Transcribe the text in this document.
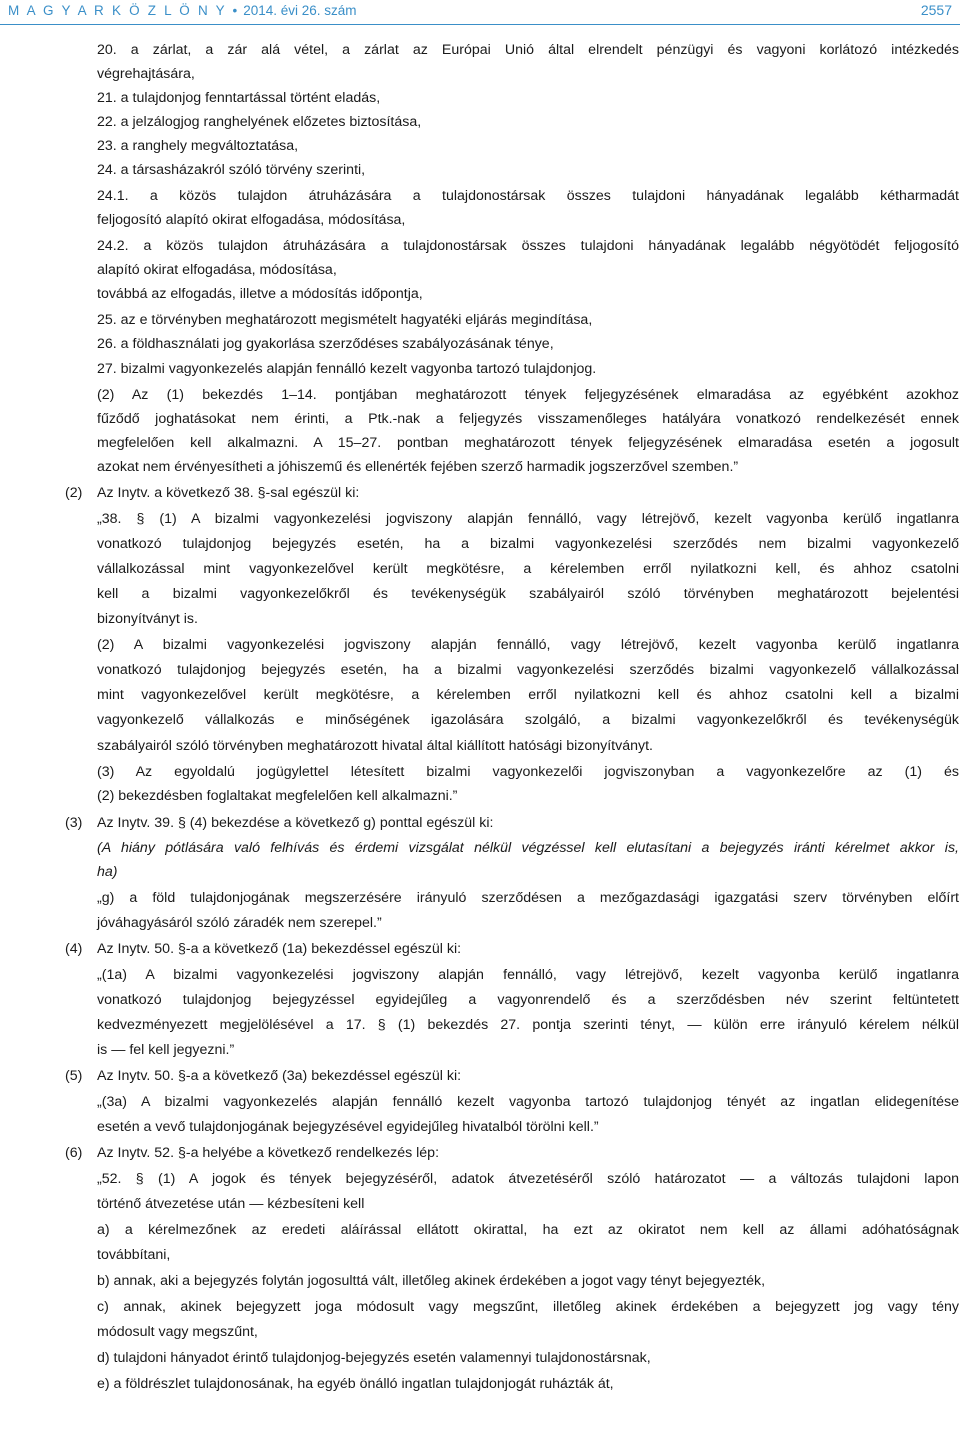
M A G Y A R K Ö Z L Ö N Y • 2014. évi 26. szám	2557
20. a zárlat, a zár alá vétel, a zárlat az Európai Unió által elrendelt pénzügyi és vagyoni korlátozó intézkedés
végrehajtására,
21. a tulajdonjog fenntartással történt eladás,
22. a jelzálogjog ranghelyének előzetes biztosítása,
23. a ranghely megváltoztatása,
24. a társasházakról szóló törvény szerinti,
24.1. a közös tulajdon átruházására a tulajdonostársak összes tulajdoni hányadának legalább kétharmadát
feljogosító alapító okirat elfogadása, módosítása,
24.2. a közös tulajdon átruházására a tulajdonostársak összes tulajdoni hányadának legalább négyötödét feljogosító
alapító okirat elfogadása, módosítása,
továbbá az elfogadás, illetve a módosítás időpontja,
25. az e törvényben meghatározott megismételt hagyatéki eljárás megindítása,
26. a földhasználati jog gyakorlása szerződéses szabályozásának ténye,
27. bizalmi vagyonkezelés alapján fennálló kezelt vagyonba tartozó tulajdonjog.
(2) Az (1) bekezdés 1–14. pontjában meghatározott tények feljegyzésének elmaradása az egyébként azokhoz
fűződő joghatásokat nem érinti, a Ptk.-nak a feljegyzés visszamenőleges hatályára vonatkozó rendelkezését ennek
megfelelően kell alkalmazni. A 15–27. pontban meghatározott tények feljegyzésének elmaradása esetén a jogosult
azokat nem érvényesítheti a jóhiszemű és ellenérték fejében szerző harmadik jogszerzővel szemben.”
(2) Az Inytv. a következő 38. §-sal egészül ki:
„38. § (1) A bizalmi vagyonkezelési jogviszony alapján fennálló, vagy létrejövő, kezelt vagyonba kerülő ingatlanra
vonatkozó tulajdonjog bejegyzés esetén, ha a bizalmi vagyonkezelési szerződés nem bizalmi vagyonkezelő
vállalkozással mint vagyonkezelővel került megkötésre, a kérelemben erről nyilatkozni kell, és ahhoz csatolni
kell a bizalmi vagyonkezelőkről és tevékenységük szabályairól szóló törvényben meghatározott bejelentési
bizonyítványt is.
(2) A bizalmi vagyonkezelési jogviszony alapján fennálló, vagy létrejövő, kezelt vagyonba kerülő ingatlanra
vonatkozó tulajdonjog bejegyzés esetén, ha a bizalmi vagyonkezelési szerződés bizalmi vagyonkezelő vállalkozással
mint vagyonkezelővel került megkötésre, a kérelemben erről nyilatkozni kell és ahhoz csatolni kell a bizalmi
vagyonkezelő vállalkozás e minőségének igazolására szolgáló, a bizalmi vagyonkezelőkről és tevékenységük
szabályairól szóló törvényben meghatározott hivatal által kiállított hatósági bizonyítványt.
(3) Az egyoldalú jogügylettel létesített bizalmi vagyonkezelői jogviszonyban a vagyonkezelőre az (1) és
(2) bekezdésben foglaltakat megfelelően kell alkalmazni.”
(3) Az Inytv. 39. § (4) bekezdése a következő g) ponttal egészül ki:
(A hiány pótlására való felhívás és érdemi vizsgálat nélkül végzéssel kell elutasítani a bejegyzés iránti kérelmet akkor is,
ha)
„g) a föld tulajdonjogának megszerzésére irányuló szerződésen a mezőgazdasági igazgatási szerv törvényben előírt
jóváhagyásáról szóló záradék nem szerepel.”
(4) Az Inytv. 50. §-a a következő (1a) bekezdéssel egészül ki:
„(1a) A bizalmi vagyonkezelési jogviszony alapján fennálló, vagy létrejövő, kezelt vagyonba kerülő ingatlanra
vonatkozó tulajdonjog bejegyzéssel egyidejűleg a vagyonrendelő és a szerződésben név szerint feltüntetett
kedvezményezett megjelölésével a 17. § (1) bekezdés 27. pontja szerinti tényt, — külön erre irányuló kérelem nélkül
is — fel kell jegyezni.”
(5) Az Inytv. 50. §-a a következő (3a) bekezdéssel egészül ki:
„(3a) A bizalmi vagyonkezelés alapján fennálló kezelt vagyonba tartozó tulajdonjog tényét az ingatlan elidegenítése
esetén a vevő tulajdonjogának bejegyzésével egyidejűleg hivatalból törölni kell.”
(6) Az Inytv. 52. §-a helyébe a következő rendelkezés lép:
„52. § (1) A jogok és tények bejegyzéséről, adatok átvezetéséről szóló határozatot — a változás tulajdoni lapon
történő átvezetése után — kézbesíteni kell
a) a kérelmezőnek az eredeti aláírással ellátott okirattal, ha ezt az okiratot nem kell az állami adóhatóságnak
továbbítani,
b) annak, aki a bejegyzés folytán jogosulttá vált, illetőleg akinek érdekében a jogot vagy tényt bejegyezték,
c) annak, akinek bejegyzett joga módosult vagy megszűnt, illetőleg akinek érdekében a bejegyzett jog vagy tény
módosult vagy megszűnt,
d) tulajdoni hányadot érintő tulajdonjog-bejegyzés esetén valamennyi tulajdonostársnak,
e) a földrészlet tulajdonosának, ha egyéb önálló ingatlan tulajdonjogát ruházták át,
